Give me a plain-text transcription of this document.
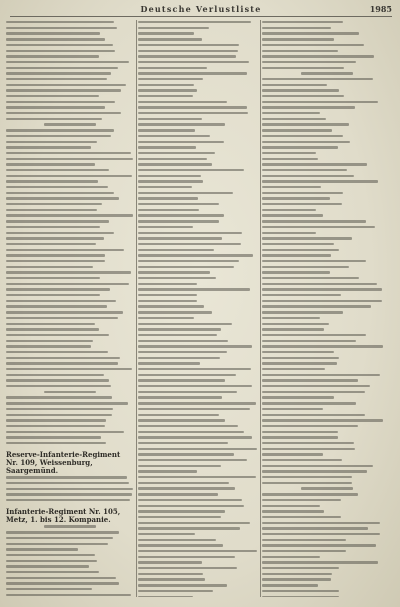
Deutsche Verlustliste	1985
Reserve-Infanterie-Regiment Nr. 109, Weissenburg, Saargemünd.
Infanterie-Regiment Nr. 105, Metz, 1. bis 12. Kompanie.
